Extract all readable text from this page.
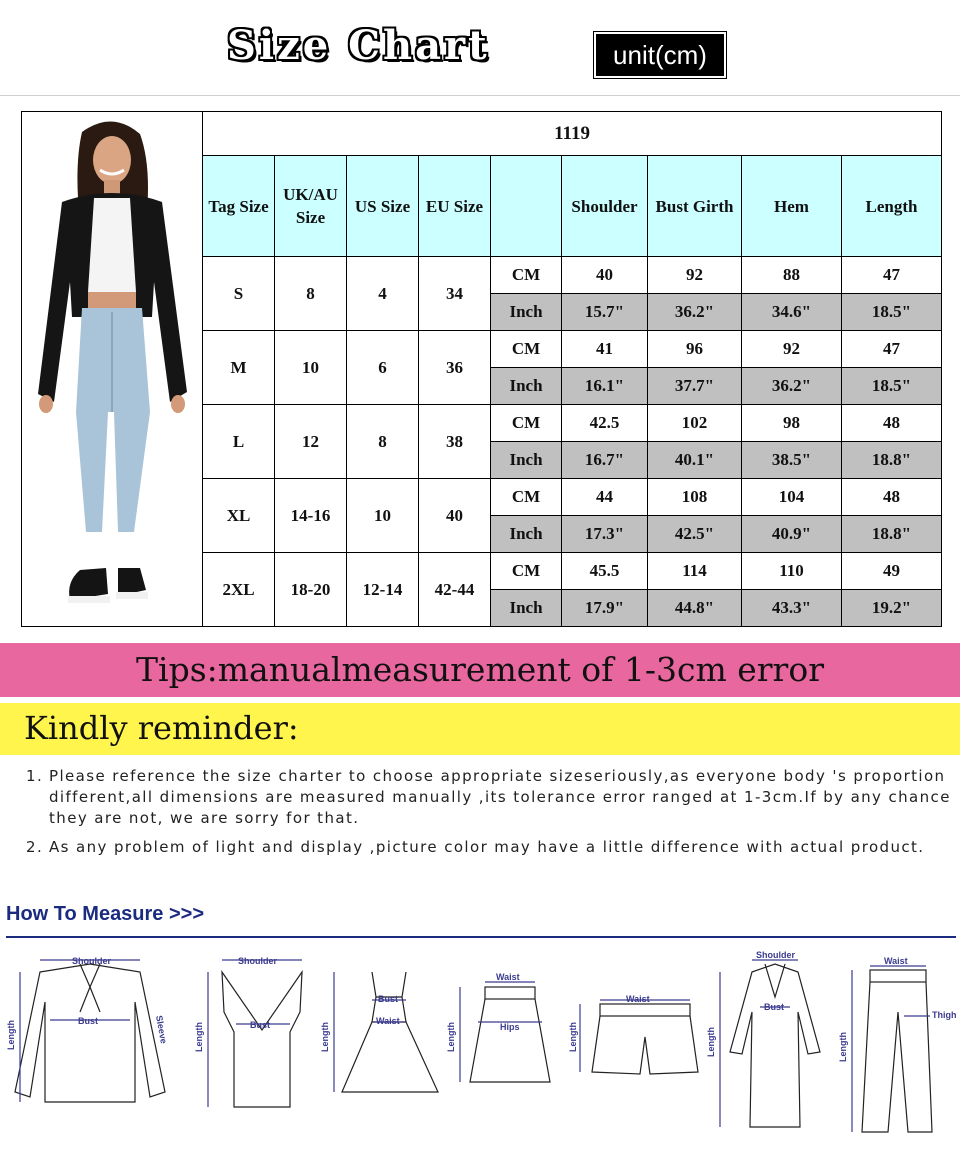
Size Chart	unit(cm)
1119								
Tag Size	UK/AU Size	US Size	EU Size		Shoulder	Bust Girth	Hem	Length
S	8	4	34	CM	40	92	88	47
				Inch	15.7"	36.2"	34.6"	18.5"
M	10	6	36	CM	41	96	92	47
				Inch	16.1"	37.7"	36.2"	18.5"
L	12	8	38	CM	42.5	102	98	48
				Inch	16.7"	40.1"	38.5"	18.8"
XL	14-16	10	40	CM	44	108	104	48
				Inch	17.3"	42.5"	40.9"	18.8"
2XL	18-20	12-14	42-44	CM	45.5	114	110	49
				Inch	17.9"	44.8"	43.3"	19.2"
Tips:manualmeasurement of 1-3cm error
Kindly reminder:
1. Please reference the size charter to choose appropriate sizeseriously,as everyone body 's proportion different,all dimensions are measured manually ,its tolerance error ranged at 1-3cm.If by any chance they are not, we are sorry for that.
2. As any problem of light and display ,picture color may have a little difference with actual product.
How To Measure >>>
Shoulder
Bust
Length	Sleeve
Shoulder
Bust
Length
Bust
Waist
Length
Waist
Hips
Length
Waist
Length
Shoulder
Bust
Length
Waist
Thigh
Length
